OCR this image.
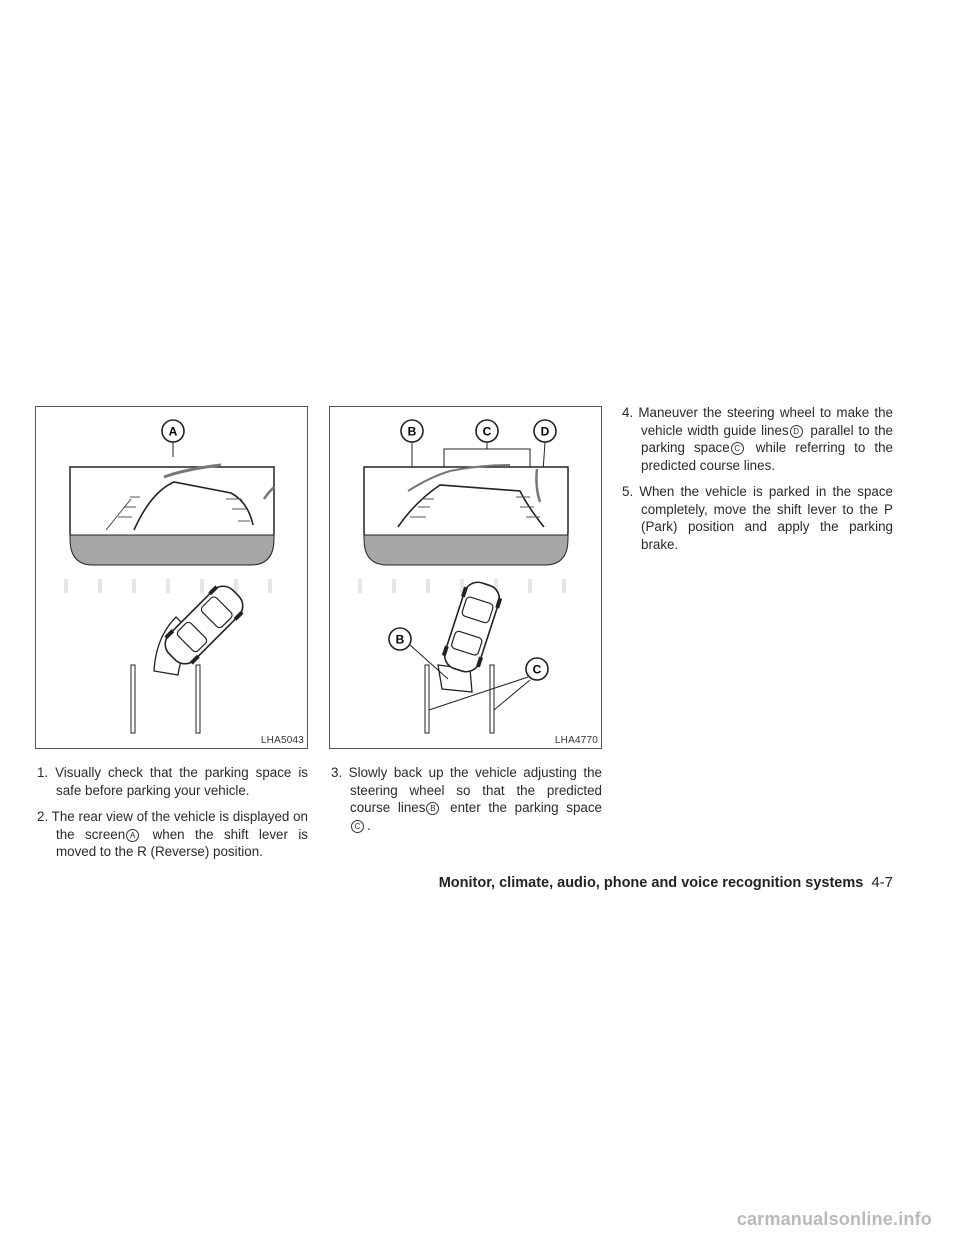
A
LHA5043
B	C	D
B
C
LHA4770

1. Visually check that the parking space is safe before parking your vehicle.

2. The rear view of the vehicle is displayed on the screen A when the shift lever is moved to the R (Reverse) position.

3. Slowly back up the vehicle adjusting the steering wheel so that the predicted course lines B enter the parking space C .

4. Maneuver the steering wheel to make the vehicle width guide lines D parallel to the parking space C while referring to the predicted course lines.

5. When the vehicle is parked in the space completely, move the shift lever to the P (Park) position and apply the parking brake.

Monitor, climate, audio, phone and voice recognition systems 4-7
carmanualsonline.info
